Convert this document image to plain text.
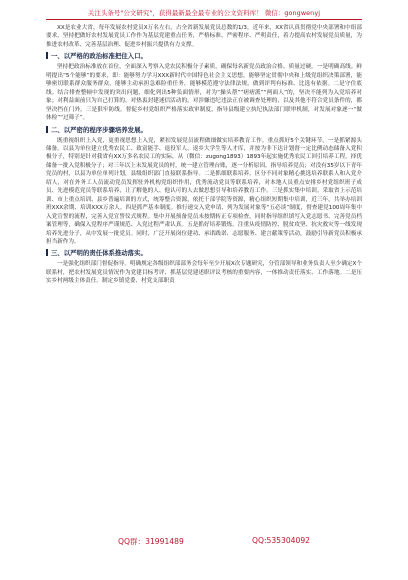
关注头条号"公文研究"，获得最新最全最专业的公文资料库！ 微信：gongwenyj

XX是农业大省，每年发展农村党员X万名左右，占全省新发展党员总数的1/3。近年来，XX省认真贯彻党中央部署和中组部要求，坚持把做好农村发展党员工作作为基层党建重点任务，严格标准、严密程序、严明责任，着力提高农村发展党员质量，为推进农村改革、完善基层治理、促进乡村振兴提供有力支撑。

一、以严格的政治标准把住入口。

坚持把政治标准放在首位，全面深入考察入党农民积极分子素质，确保每名新党员政治合格、质量过硬。一是明确高线。鲜明提出“5个能够”的要求，即：能够努力学习XXX新时代中国特色社会主义思想，能够坚定贯彻中央和上级党组织决策部署，能够密切联系群众服务群众，能够主动承担急难险重任务，能够模范遵守法律法规，做到评判有标准、比选有依据。二是守住底线。结合排查整顿中发现的突出问题，细化列出5种负面情形，对为“操头帮”“痞痞派”“两面人”的，坚决不能列为入党培养对象；对利益面前只为自己打算的，对热衷封建迷信活动的，对涉嫌违纪违法正在被调查处理的，以及其他不符合党员条件的，都坚决挡在门外。三是狠牢防线。督促乡村党组织严格落实政审制度，指导县级建立执纪执法部门联审机制，对发展对象逐一“做体检”“过筛子”。

二、以严密的程序步骤培养发展。

既重视组织上入党，更重视思想上入党，紧扣发展党员流程做细做实培养教育工作。重点抓好5个关键环节。一是抓紧源头储备。以县为单位建立优秀农民工、致富能手、退役军人、返乡大学生等人才库，并按为非下达计划督一定比例动态储备入党积极分子，特别是针对我省有XX万多名农民工的实际，从（微信：zugong1893）1893年起实施优秀农民工回引培养工程，择优储备一批入党积极分子；对三年以上未发展党员的村，统一建立管理台账，逐一分析原因，指导培养党员；对没有35岁以下青年党员的村，以县为单位单列计划，县级组织部门直接联系指导。二是抓细联系培养。区分不同对象精心挑选培养联系人和入党介绍人，对在外务工人员流动党员发挥驻外机构党组织作用，优秀流动党员等联系培养，对本地人员重点安排乡村党组织班子成员、先进模范党员等联系培养，让了解他的人、他认可的人去做思想引导和培养教育工作。三是抓实集中培训。采取省上示范培训、市上重点培训、县乡普遍培训的方式，统筹整合资源，依托干部学院等资源，精心组织短期集中培训，近三年，共举办培训班XXX余期、培训XXX万余人。四是抓严基本制度。推行递交入党申请、列为发展对象等“五必谈”制度，督查建党100周年集中入党宣誓的流程，完善入党宣誓仪式规程。集中开展预备党员未按期转正专项检查，同时指导组织填写入党志愿书、完善党员档案管理等，确保入党程序严谨规范、入党过程严肃认真。五是抓好培养锻炼。注重从疫情防控、脱贫攻坚、抗灾救灾等一线发现培养先进分子，从中发展一批党员。同时，广泛开展岗位建功、承诺践诺、志愿服务、建言献策等活动，鼓励引导新党员积极承担当新作为。

三、以严明的责任体系推动落实。

一是强化组织部门督促指导。明确规定各级组织部部务会每年至少开展X次专题研究，分管部领导和业务负责人至少确定X个联系村，把农村发展党员情况作为党建目标考评、抓基层党建述职评议考核的重要内容，一体推动责任落实、工作落地。二是压实乡村两级主体责任。制定乡镇党委、村党支部职责

QQ群：31991489	QQ:535304092
